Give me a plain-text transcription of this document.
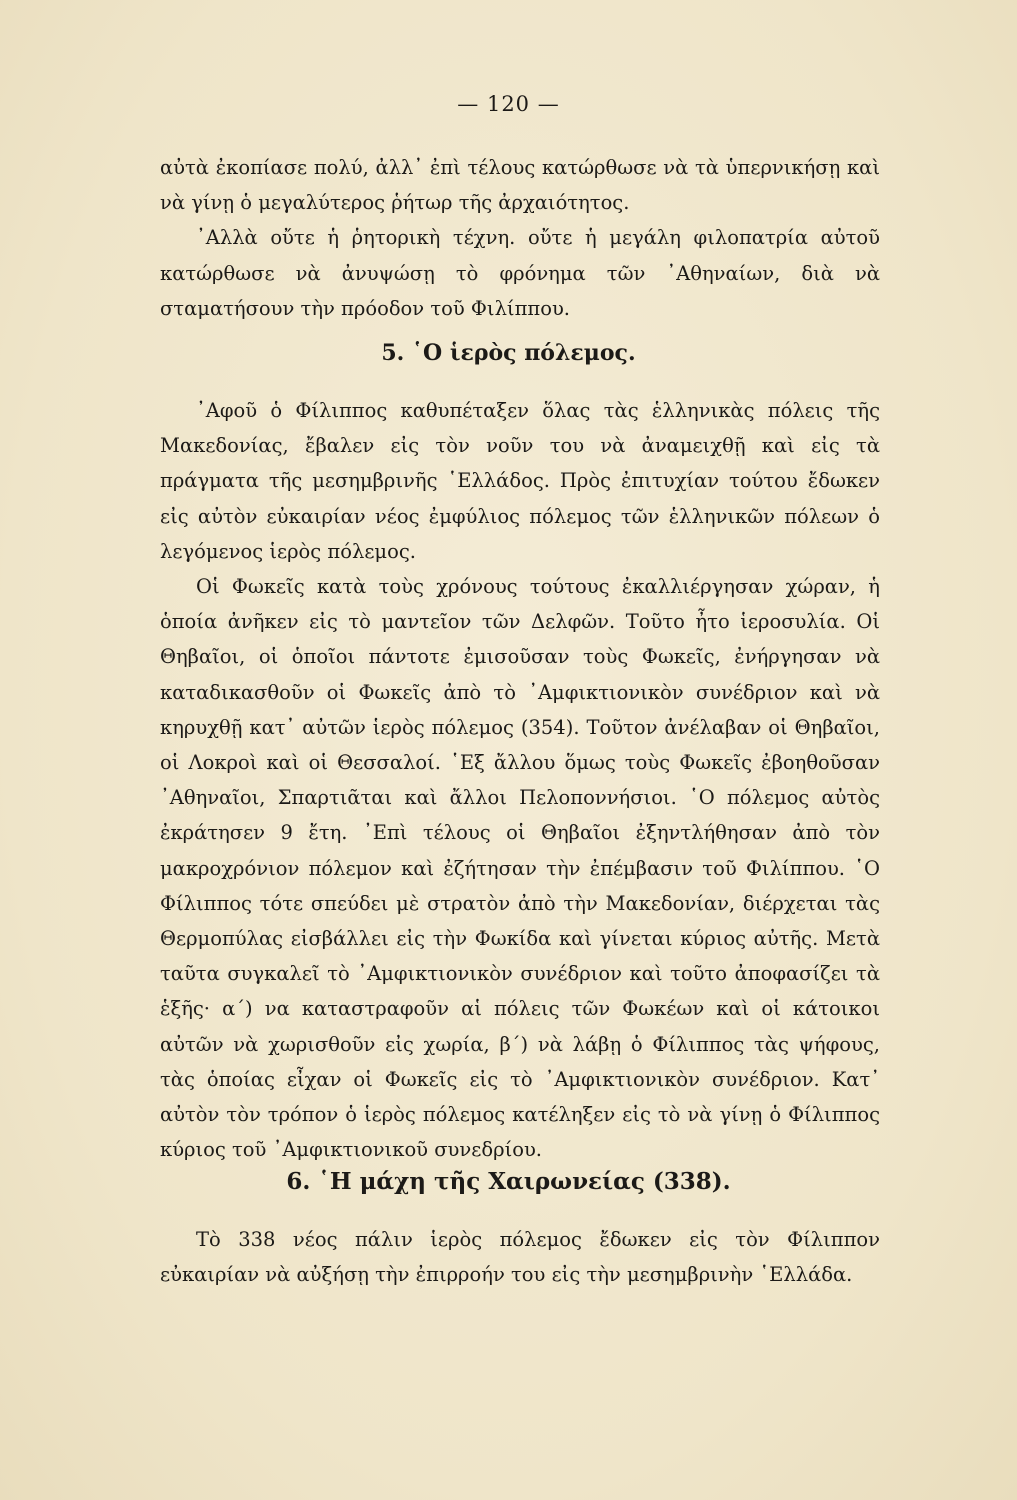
— 120 —

αὐτὰ ἐκοπίασε πολύ, ἀλλ᾽ ἐπὶ τέλους κατώρθωσε νὰ τὰ ὑπερνικήσῃ καὶ νὰ γίνῃ ὁ μεγαλύτερος ῥήτωρ τῆς ἀρχαιότητος.

᾽Αλλὰ οὔτε ἡ ῥητορικὴ τέχνη. οὔτε ἡ μεγάλη φιλοπατρία αὐτοῦ κατώρθωσε νὰ ἀνυψώσῃ τὸ φρόνημα τῶν ᾽Αθηναίων, διὰ νὰ σταματήσουν τὴν πρόοδον τοῦ Φιλίππου.

5. ῾Ο ἱερὸς πόλεμος.

᾽Αφοῦ ὁ Φίλιππος καθυπέταξεν ὅλας τὰς ἑλληνικὰς πόλεις τῆς Μακεδονίας, ἔβαλεν εἰς τὸν νοῦν του νὰ ἀναμειχθῇ καὶ εἰς τὰ πράγματα τῆς μεσημβρινῆς ῾Ελλάδος. Πρὸς ἐπιτυχίαν τούτου ἔδωκεν εἰς αὐτὸν εὐκαιρίαν νέος ἐμφύλιος πόλεμος τῶν ἑλληνικῶν πόλεων ὁ λεγόμενος ἱερὸς πόλεμος.

Οἱ Φωκεῖς κατὰ τοὺς χρόνους τούτους ἐκαλλιέργησαν χώραν, ἡ ὁποία ἀνῆκεν εἰς τὸ μαντεῖον τῶν Δελφῶν. Τοῦτο ἦτο ἱεροσυλία. Οἱ Θηβαῖοι, οἱ ὁποῖοι πάντοτε ἐμισοῦσαν τοὺς Φωκεῖς, ἐνήργησαν νὰ καταδικασθοῦν οἱ Φωκεῖς ἀπὸ τὸ ᾽Αμφικτιονικὸν συνέδριον καὶ νὰ κηρυχθῇ κατ᾽ αὐτῶν ἱερὸς πόλεμος (354). Τοῦτον ἀνέλαβαν οἱ Θηβαῖοι, οἱ Λοκροὶ καὶ οἱ Θεσσαλοί. ῾Εξ ἄλλου ὅμως τοὺς Φωκεῖς ἐβοηθοῦσαν ᾽Αθηναῖοι, Σπαρτιᾶται καὶ ἄλλοι Πελοποννήσιοι. ῾Ο πόλεμος αὐτὸς ἐκράτησεν 9 ἔτη. ᾽Επὶ τέλους οἱ Θηβαῖοι ἐξηντλήθησαν ἀπὸ τὸν μακροχρόνιον πόλεμον καὶ ἐζήτησαν τὴν ἐπέμβασιν τοῦ Φιλίππου. ῾Ο Φίλιππος τότε σπεύδει μὲ στρατὸν ἀπὸ τὴν Μακεδονίαν, διέρχεται τὰς Θερμοπύλας εἰσβάλλει εἰς τὴν Φωκίδα καὶ γίνεται κύριος αὐτῆς. Μετὰ ταῦτα συγκαλεῖ τὸ ᾽Αμφικτιονικὸν συνέδριον καὶ τοῦτο ἀποφασίζει τὰ ἑξῆς· α΄) να καταστραφοῦν αἱ πόλεις τῶν Φωκέων καὶ οἱ κάτοικοι αὐτῶν νὰ χωρισθοῦν εἰς χωρία, β΄) νὰ λάβῃ ὁ Φίλιππος τὰς ψήφους, τὰς ὁποίας εἶχαν οἱ Φωκεῖς εἰς τὸ ᾽Αμφικτιονικὸν συνέδριον. Κατ᾽ αὐτὸν τὸν τρόπον ὁ ἱερὸς πόλεμος κατέληξεν εἰς τὸ νὰ γίνῃ ὁ Φίλιππος κύριος τοῦ ᾽Αμφικτιονικοῦ συνεδρίου.

6. ῾Η μάχη τῆς Χαιρωνείας (338).

Τὸ 338 νέος πάλιν ἱερὸς πόλεμος ἔδωκεν εἰς τὸν Φίλιππον εὐκαιρίαν νὰ αὐξήσῃ τὴν ἐπιρροήν του εἰς τὴν μεσημβρινὴν ῾Ελλάδα.
